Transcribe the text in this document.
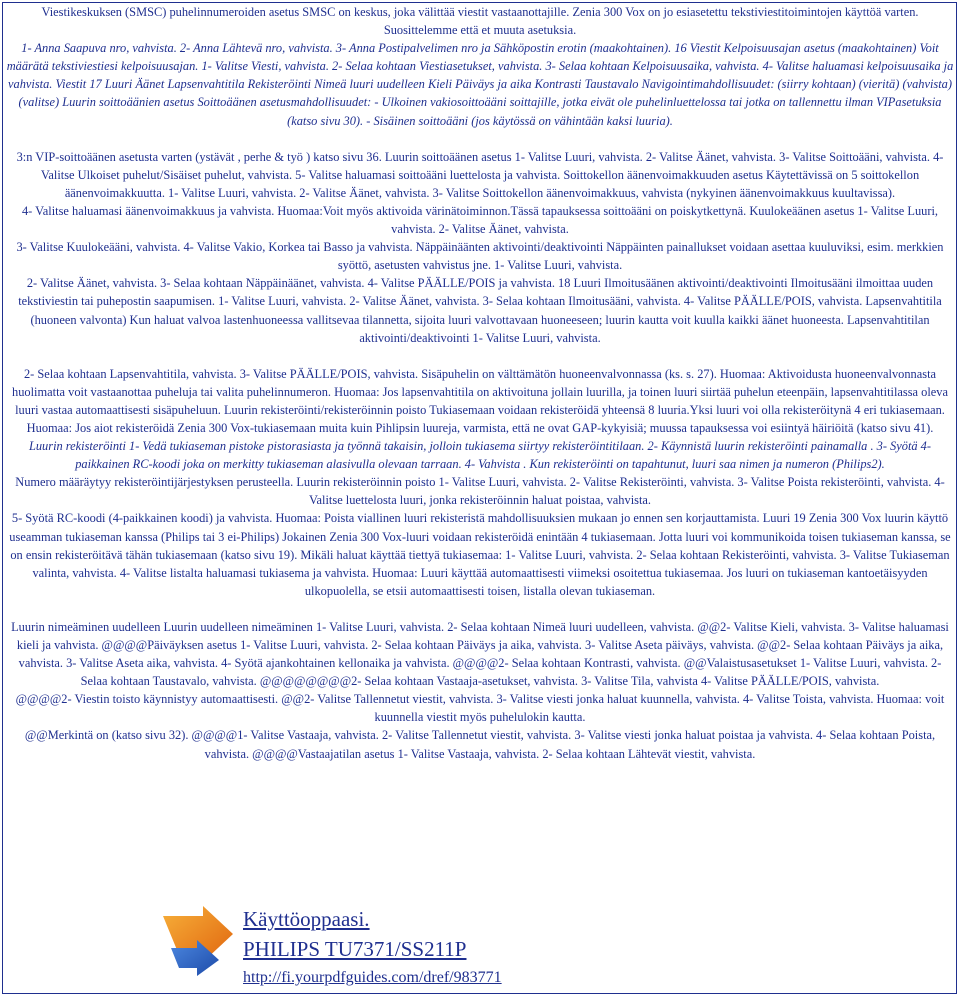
Viestikeskuksen (SMSC) puhelinnumeroiden asetus SMSC on keskus, joka välittää viestit vastaanottajille. Zenia 300 Vox on jo esiasetettu tekstiviestitoimintojen käyttöä varten. Suosittelemme että et muuta asetuksia.

1- Anna Saapuva nro, vahvista. 2- Anna Lähtevä nro, vahvista. 3- Anna Postipalvelimen nro ja Sähköpostin erotin (maakohtainen). 16 Viestit Kelpoisuusajan asetus (maakohtainen) Voit määrätä tekstiviestiesi kelpoisuusajan. 1- Valitse Viesti, vahvista. 2- Selaa kohtaan Viestiasetukset, vahvista. 3- Selaa kohtaan Kelpoisuusaika, vahvista. 4- Valitse haluamasi kelpoisuusaika ja vahvista. Viestit 17 Luuri Äänet Lapsenvahtitila Rekisteröinti Nimeä luuri uudelleen Kieli Päiväys ja aika Kontrasti Taustavalo Navigointimahdollisuudet: (siirry kohtaan) (vieritä) (vahvista) (valitse) Luurin soittoäänien asetus Soittoäänen asetusmahdollisuudet: - Ulkoinen vakiosoittoääni soittajille, jotka eivät ole puhelinluettelossa tai jotka on tallennettu ilman VIPasetuksia (katso sivu 30). - Sisäinen soittoääni (jos käytössä on vähintään kaksi luuria).

3:n VIP-soittoäänen asetusta varten (ystävät , perhe & työ ) katso sivu 36. Luurin soittoäänen asetus 1- Valitse Luuri, vahvista. 2- Valitse Äänet, vahvista. 3- Valitse Soittoääni, vahvista. 4- Valitse Ulkoiset puhelut/Sisäiset puhelut, vahvista. 5- Valitse haluamasi soittoääni luettelosta ja vahvista. Soittokellon äänenvoimakkuuden asetus Käytettävissä on 5 soittokellon äänenvoimakkuutta. 1- Valitse Luuri, vahvista. 2- Valitse Äänet, vahvista. 3- Valitse Soittokellon äänenvoimakkuus, vahvista (nykyinen äänenvoimakkuus kuultavissa).

4- Valitse haluamasi äänenvoimakkuus ja vahvista. Huomaa:Voit myös aktivoida värinätoiminnon.Tässä tapauksessa soittoääni on poiskytkettynä. Kuulokeäänen asetus 1- Valitse Luuri, vahvista. 2- Valitse Äänet, vahvista.

3- Valitse Kuulokeääni, vahvista. 4- Valitse Vakio, Korkea tai Basso ja vahvista. Näppäinäänten aktivointi/deaktivointi Näppäinten painallukset voidaan asettaa kuuluviksi, esim. merkkien syöttö, asetusten vahvistus jne. 1- Valitse Luuri, vahvista.

2- Valitse Äänet, vahvista. 3- Selaa kohtaan Näppäinäänet, vahvista. 4- Valitse PÄÄLLE/POIS ja vahvista. 18 Luuri Ilmoitusäänen aktivointi/deaktivointi Ilmoitusääni ilmoittaa uuden tekstiviestin tai puhepostin saapumisen. 1- Valitse Luuri, vahvista. 2- Valitse Äänet, vahvista. 3- Selaa kohtaan Ilmoitusääni, vahvista. 4- Valitse PÄÄLLE/POIS, vahvista. Lapsenvahtitila (huoneen valvonta) Kun haluat valvoa lastenhuoneessa vallitsevaa tilannetta, sijoita luuri valvottavaan huoneeseen; luurin kautta voit kuulla kaikki äänet huoneesta. Lapsenvahtitilan aktivointi/deaktivointi 1- Valitse Luuri, vahvista.

2- Selaa kohtaan Lapsenvahtitila, vahvista. 3- Valitse PÄÄLLE/POIS, vahvista. Sisäpuhelin on välttämätön huoneenvalvonnassa (ks. s. 27). Huomaa: Aktivoidusta huoneenvalvonnasta huolimatta voit vastaanottaa puheluja tai valita puhelinnumeron. Huomaa: Jos lapsenvahtitila on aktivoituna jollain luurilla, ja toinen luuri siirtää puhelun eteenpäin, lapsenvahtitilassa oleva luuri vastaa automaattisesti sisäpuheluun. Luurin rekisteröinti/rekisteröinnin poisto Tukiasemaan voidaan rekisteröidä yhteensä 8 luuria.Yksi luuri voi olla rekisteröitynä 4 eri tukiasemaan. Huomaa: Jos aiot rekisteröidä Zenia 300 Vox-tukiasemaan muita kuin Pihlipsin luureja, varmista, että ne ovat GAP-kykyisiä; muussa tapauksessa voi esiintyä häiriöitä (katso sivu 41).

Luurin rekisteröinti 1- Vedä tukiaseman pistoke pistorasiasta ja työnnä takaisin, jolloin tukiasema siirtyy rekisteröintitilaan. 2- Käynnistä luurin rekisteröinti painamalla . 3- Syötä 4-paikkainen RC-koodi joka on merkitty tukiaseman alasivulla olevaan tarraan. 4- Vahvista . Kun rekisteröinti on tapahtunut, luuri saa nimen ja numeron (Philips2).

Numero määräytyy rekisteröintijärjestyksen perusteella. Luurin rekisteröinnin poisto 1- Valitse Luuri, vahvista. 2- Valitse Rekisteröinti, vahvista. 3- Valitse Poista rekisteröinti, vahvista. 4- Valitse luettelosta luuri, jonka rekisteröinnin haluat poistaa, vahvista.

5- Syötä RC-koodi (4-paikkainen koodi) ja vahvista. Huomaa: Poista viallinen luuri rekisteristä mahdollisuuksien mukaan jo ennen sen korjauttamista. Luuri 19 Zenia 300 Vox luurin käyttö useamman tukiaseman kanssa (Philips tai 3 ei-Philips) Jokainen Zenia 300 Vox-luuri voidaan rekisteröidä enintään 4 tukiasemaan. Jotta luuri voi kommunikoida toisen tukiaseman kanssa, se on ensin rekisteröitävä tähän tukiasemaan (katso sivu 19). Mikäli haluat käyttää tiettyä tukiasemaa: 1- Valitse Luuri, vahvista. 2- Selaa kohtaan Rekisteröinti, vahvista. 3- Valitse Tukiaseman valinta, vahvista. 4- Valitse listalta haluamasi tukiasema ja vahvista. Huomaa: Luuri käyttää automaattisesti viimeksi osoitettua tukiasemaa. Jos luuri on tukiaseman kantoetäisyyden ulkopuolella, se etsii automaattisesti toisen, listalla olevan tukiaseman.

Luurin nimeäminen uudelleen Luurin uudelleen nimeäminen 1- Valitse Luuri, vahvista. 2- Selaa kohtaan Nimeä luuri uudelleen, vahvista. @@2- Valitse Kieli, vahvista. 3- Valitse haluamasi kieli ja vahvista. @@@@Päiväyksen asetus 1- Valitse Luuri, vahvista. 2- Selaa kohtaan Päiväys ja aika, vahvista. 3- Valitse Aseta päiväys, vahvista. @@2- Selaa kohtaan Päiväys ja aika, vahvista. 3- Valitse Aseta aika, vahvista. 4- Syötä ajankohtainen kellonaika ja vahvista. @@@@2- Selaa kohtaan Kontrasti, vahvista. @@Valaistusasetukset 1- Valitse Luuri, vahvista. 2- Selaa kohtaan Taustavalo, vahvista. @@@@@@@@2- Selaa kohtaan Vastaaja-asetukset, vahvista. 3- Valitse Tila, vahvista 4- Valitse PÄÄLLE/POIS, vahvista.

@@@@2- Viestin toisto käynnistyy automaattisesti. @@2- Valitse Tallennetut viestit, vahvista. 3- Valitse viesti jonka haluat kuunnella, vahvista. 4- Valitse Toista, vahvista. Huomaa: voit kuunnella viestit myös puhelulokin kautta.

@@Merkintä on (katso sivu 32). @@@@1- Valitse Vastaaja, vahvista. 2- Valitse Tallennetut viestit, vahvista. 3- Valitse viesti jonka haluat poistaa ja vahvista. 4- Selaa kohtaan Poista, vahvista. @@@@Vastaajatilan asetus 1- Valitse Vastaaja, vahvista. 2- Selaa kohtaan Lähtevät viestit, vahvista.

Käyttöoppaasi.
PHILIPS TU7371/SS211P
http://fi.yourpdfguides.com/dref/983771
